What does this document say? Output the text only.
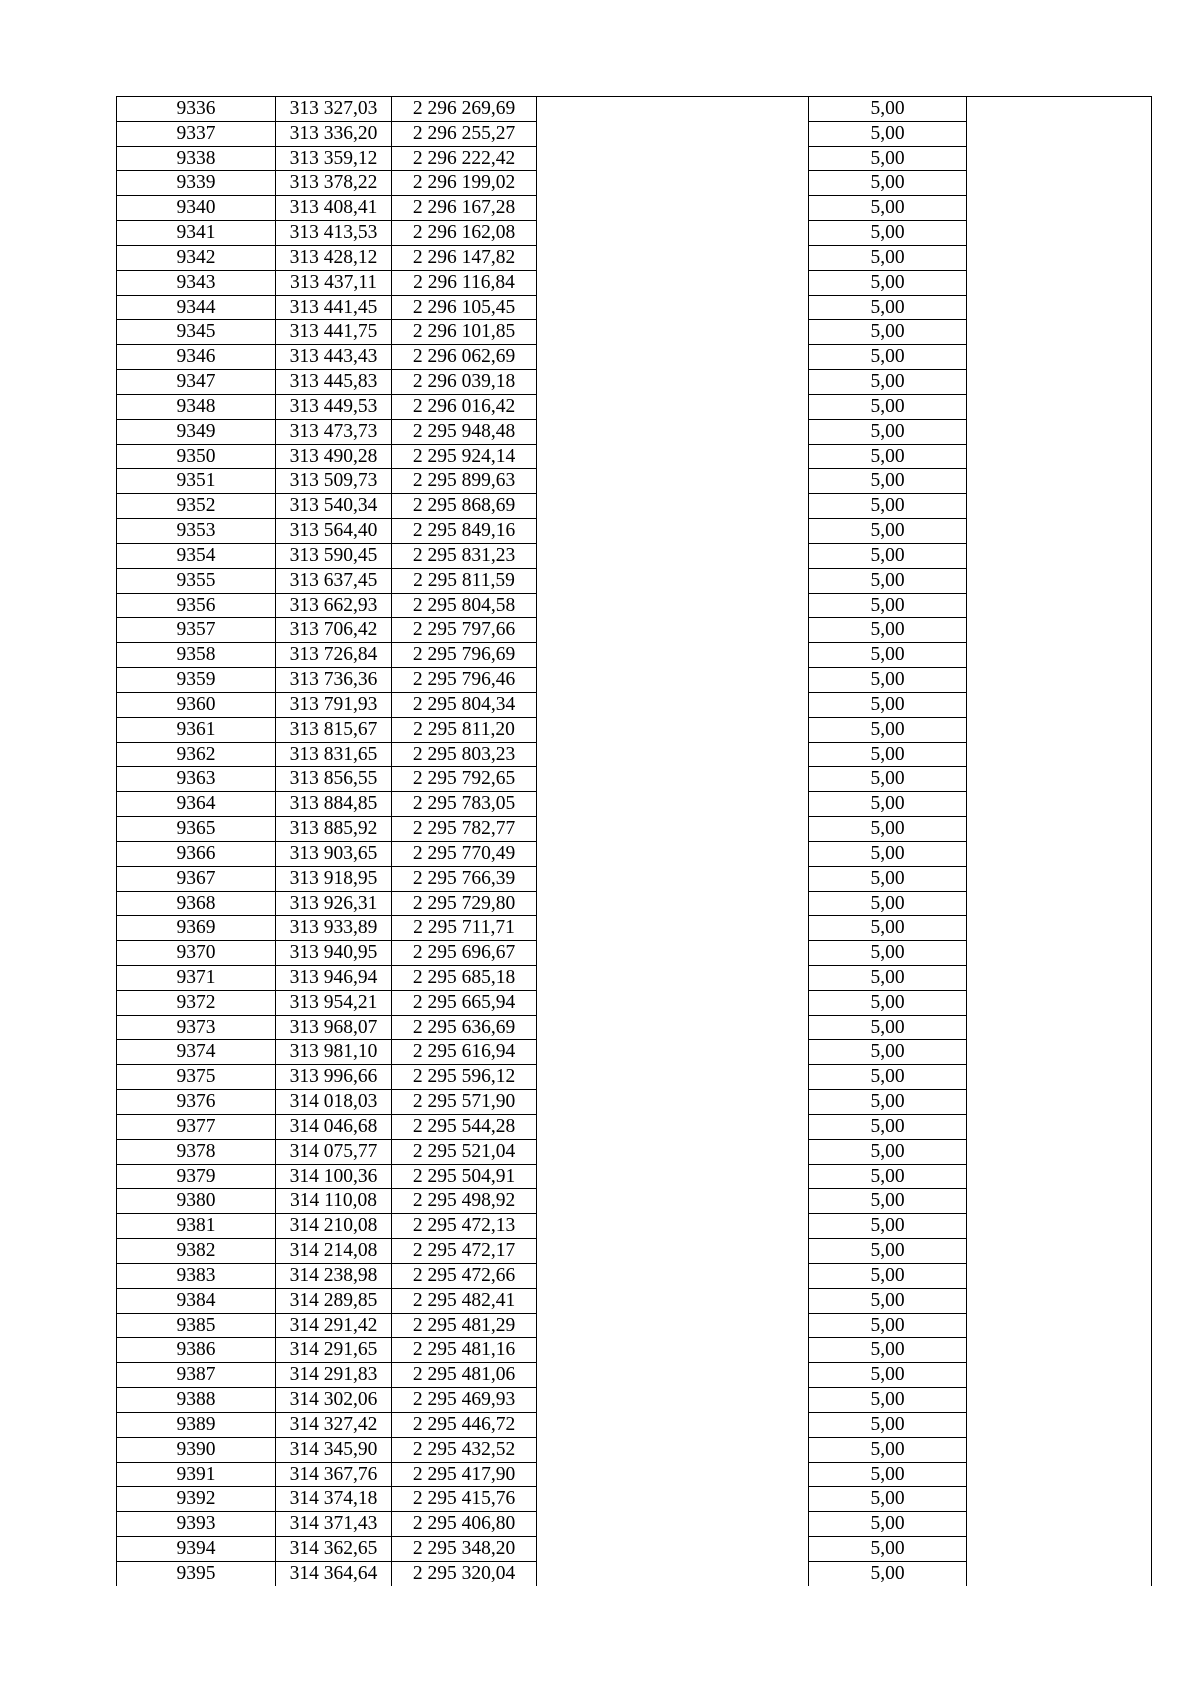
9336	313 327,03	2 296 269,69		5,00	
9337	313 336,20	2 296 255,27		5,00	
9338	313 359,12	2 296 222,42		5,00	
9339	313 378,22	2 296 199,02		5,00	
9340	313 408,41	2 296 167,28		5,00	
9341	313 413,53	2 296 162,08		5,00	
9342	313 428,12	2 296 147,82		5,00	
9343	313 437,11	2 296 116,84		5,00	
9344	313 441,45	2 296 105,45		5,00	
9345	313 441,75	2 296 101,85		5,00	
9346	313 443,43	2 296 062,69		5,00	
9347	313 445,83	2 296 039,18		5,00	
9348	313 449,53	2 296 016,42		5,00	
9349	313 473,73	2 295 948,48		5,00	
9350	313 490,28	2 295 924,14		5,00	
9351	313 509,73	2 295 899,63		5,00	
9352	313 540,34	2 295 868,69		5,00	
9353	313 564,40	2 295 849,16		5,00	
9354	313 590,45	2 295 831,23		5,00	
9355	313 637,45	2 295 811,59		5,00	
9356	313 662,93	2 295 804,58		5,00	
9357	313 706,42	2 295 797,66		5,00	
9358	313 726,84	2 295 796,69		5,00	
9359	313 736,36	2 295 796,46		5,00	
9360	313 791,93	2 295 804,34		5,00	
9361	313 815,67	2 295 811,20		5,00	
9362	313 831,65	2 295 803,23		5,00	
9363	313 856,55	2 295 792,65		5,00	
9364	313 884,85	2 295 783,05		5,00	
9365	313 885,92	2 295 782,77		5,00	
9366	313 903,65	2 295 770,49		5,00	
9367	313 918,95	2 295 766,39		5,00	
9368	313 926,31	2 295 729,80		5,00	
9369	313 933,89	2 295 711,71		5,00	
9370	313 940,95	2 295 696,67		5,00	
9371	313 946,94	2 295 685,18		5,00	
9372	313 954,21	2 295 665,94		5,00	
9373	313 968,07	2 295 636,69		5,00	
9374	313 981,10	2 295 616,94		5,00	
9375	313 996,66	2 295 596,12		5,00	
9376	314 018,03	2 295 571,90		5,00	
9377	314 046,68	2 295 544,28		5,00	
9378	314 075,77	2 295 521,04		5,00	
9379	314 100,36	2 295 504,91		5,00	
9380	314 110,08	2 295 498,92		5,00	
9381	314 210,08	2 295 472,13		5,00	
9382	314 214,08	2 295 472,17		5,00	
9383	314 238,98	2 295 472,66		5,00	
9384	314 289,85	2 295 482,41		5,00	
9385	314 291,42	2 295 481,29		5,00	
9386	314 291,65	2 295 481,16		5,00	
9387	314 291,83	2 295 481,06		5,00	
9388	314 302,06	2 295 469,93		5,00	
9389	314 327,42	2 295 446,72		5,00	
9390	314 345,90	2 295 432,52		5,00	
9391	314 367,76	2 295 417,90		5,00	
9392	314 374,18	2 295 415,76		5,00	
9393	314 371,43	2 295 406,80		5,00	
9394	314 362,65	2 295 348,20		5,00	
9395	314 364,64	2 295 320,04		5,00	
